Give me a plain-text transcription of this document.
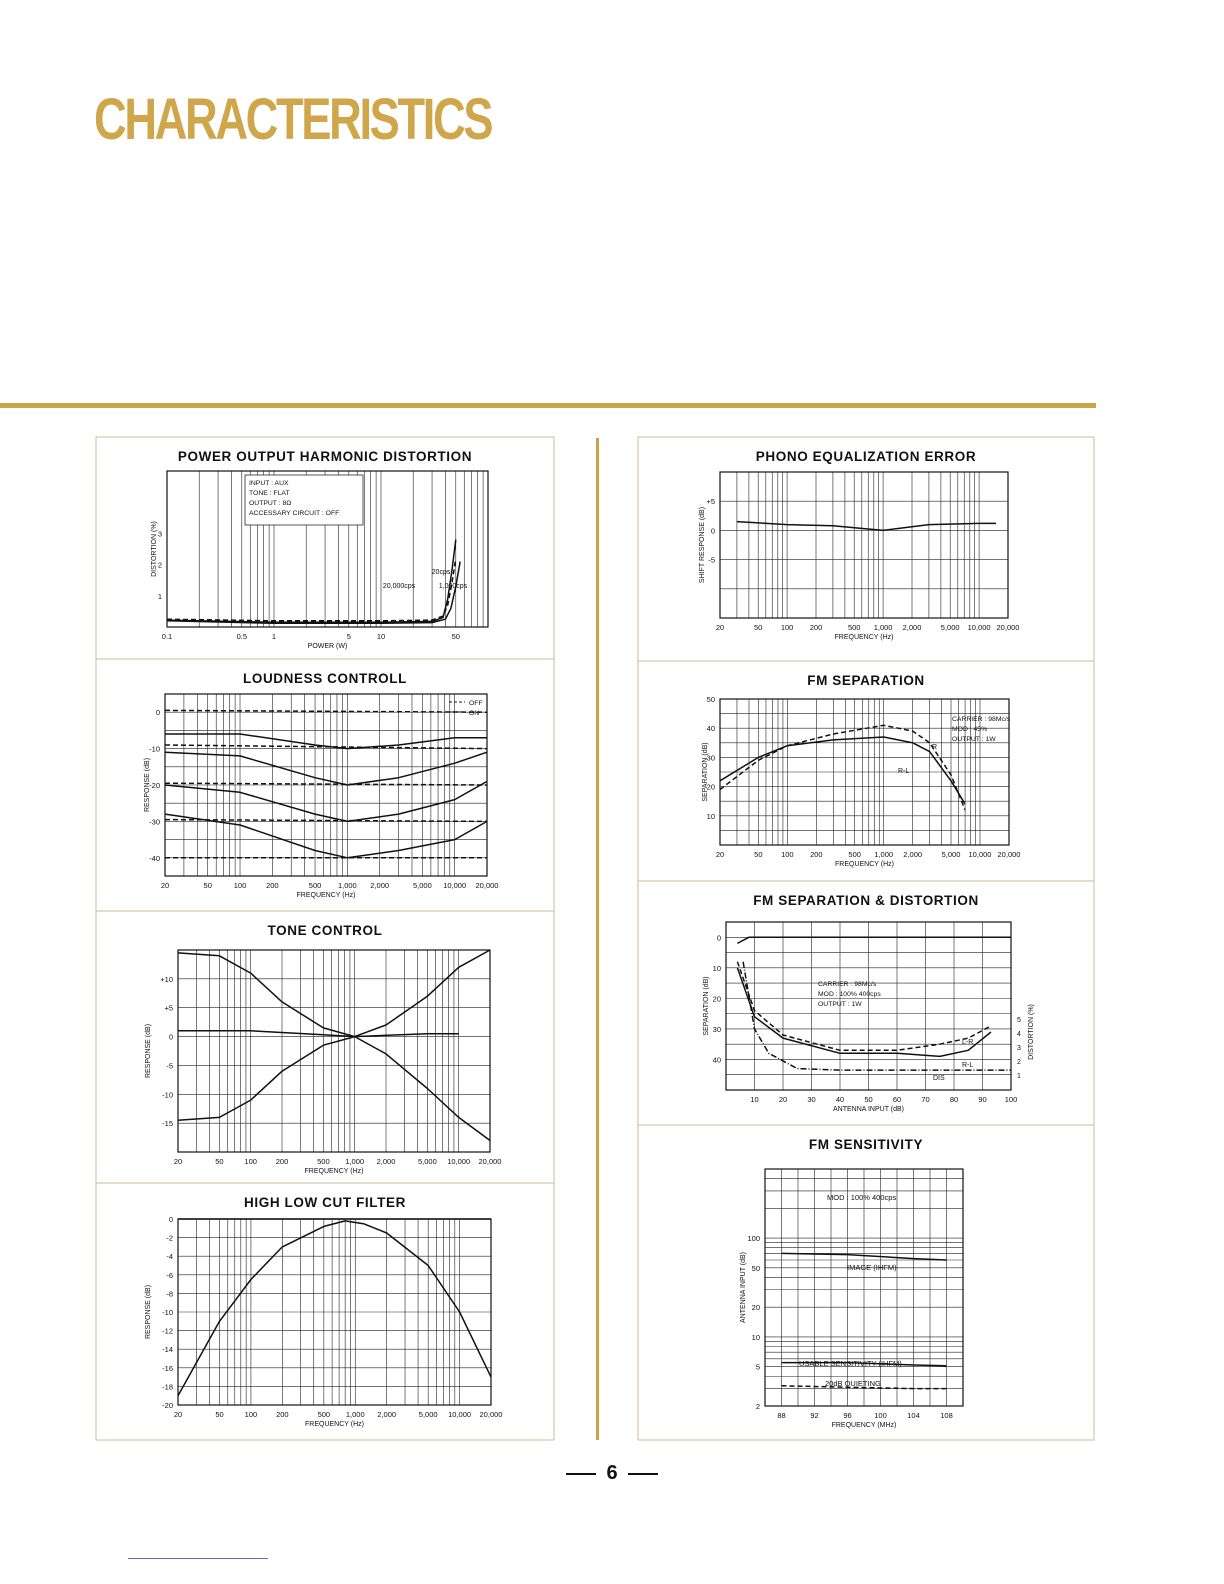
CHARACTERISTICS
POWER OUTPUT HARMONIC DISTORTION
0.1	0.5	1	5	10	50
1
2
3
POWER (W)
DISTORTION (%)
INPUT : AUX
TONE : FLAT
OUTPUT : 8Ω
ACCESSARY CIRCUIT : OFF
20,000cps
20cps
1,000cps
LOUDNESS CONTROLL
20	50	100	200	500 1,000 2,000	5,000 10,000 20,000
0
-10
-20
-30
-40
FREQUENCY (Hz)
RESPONSE (dB)
OFF
ON
TONE CONTROL
20	50	100	200	500 1,000 2,000	5,000 10,000 20,000
+10
+5
0
-5
-10
-15
FREQUENCY (Hz)
RESPONSE (dB)
HIGH LOW CUT FILTER
20	50	100	200	500 1,000 2,000	5,000 10,000 20,000
0
-2
-4
-6
-8
-10
-12
-14
-16
-18
-20
FREQUENCY (Hz)
RESPONSE (dB)
PHONO EQUALIZATION ERROR
20	50 100 200	500 1,000 2,000	5,000 10,000 20,000
+5
0
-5
FREQUENCY (Hz)
SHIFT RESPONSE (dB)
FM SEPARATION
20	50 100 200	500 1,000 2,000	5,000 10,000 20,000
10
20
30
40
50
FREQUENCY (Hz)
SEPARATION (dB)
CARRIER : 98Mc/s
MOD : 45%
OUTPUT : 1W
R
R-L
FM SEPARATION & DISTORTION
10	20	30	40	50	60	70	80	90 100
0
10
20
30
40
5
4
3
2
1
ANTENNA INPUT (dB)
SEPARATION (dB)	DISTORTION (%)
CARRIER : 98Mc/s
MOD : 100% 400cps
OUTPUT : 1W
L-R
R-L
DIS
FM SENSITIVITY
88	92	96	100	104	108
2
5
10
20
50
100
FREQUENCY (MHz)
ANTENNA INPUT (dB)
MOD : 100% 400cps
IMAGE (IHFM)
USABLE SENSITIVITY (IHFM)
20dB QUIETING
6
